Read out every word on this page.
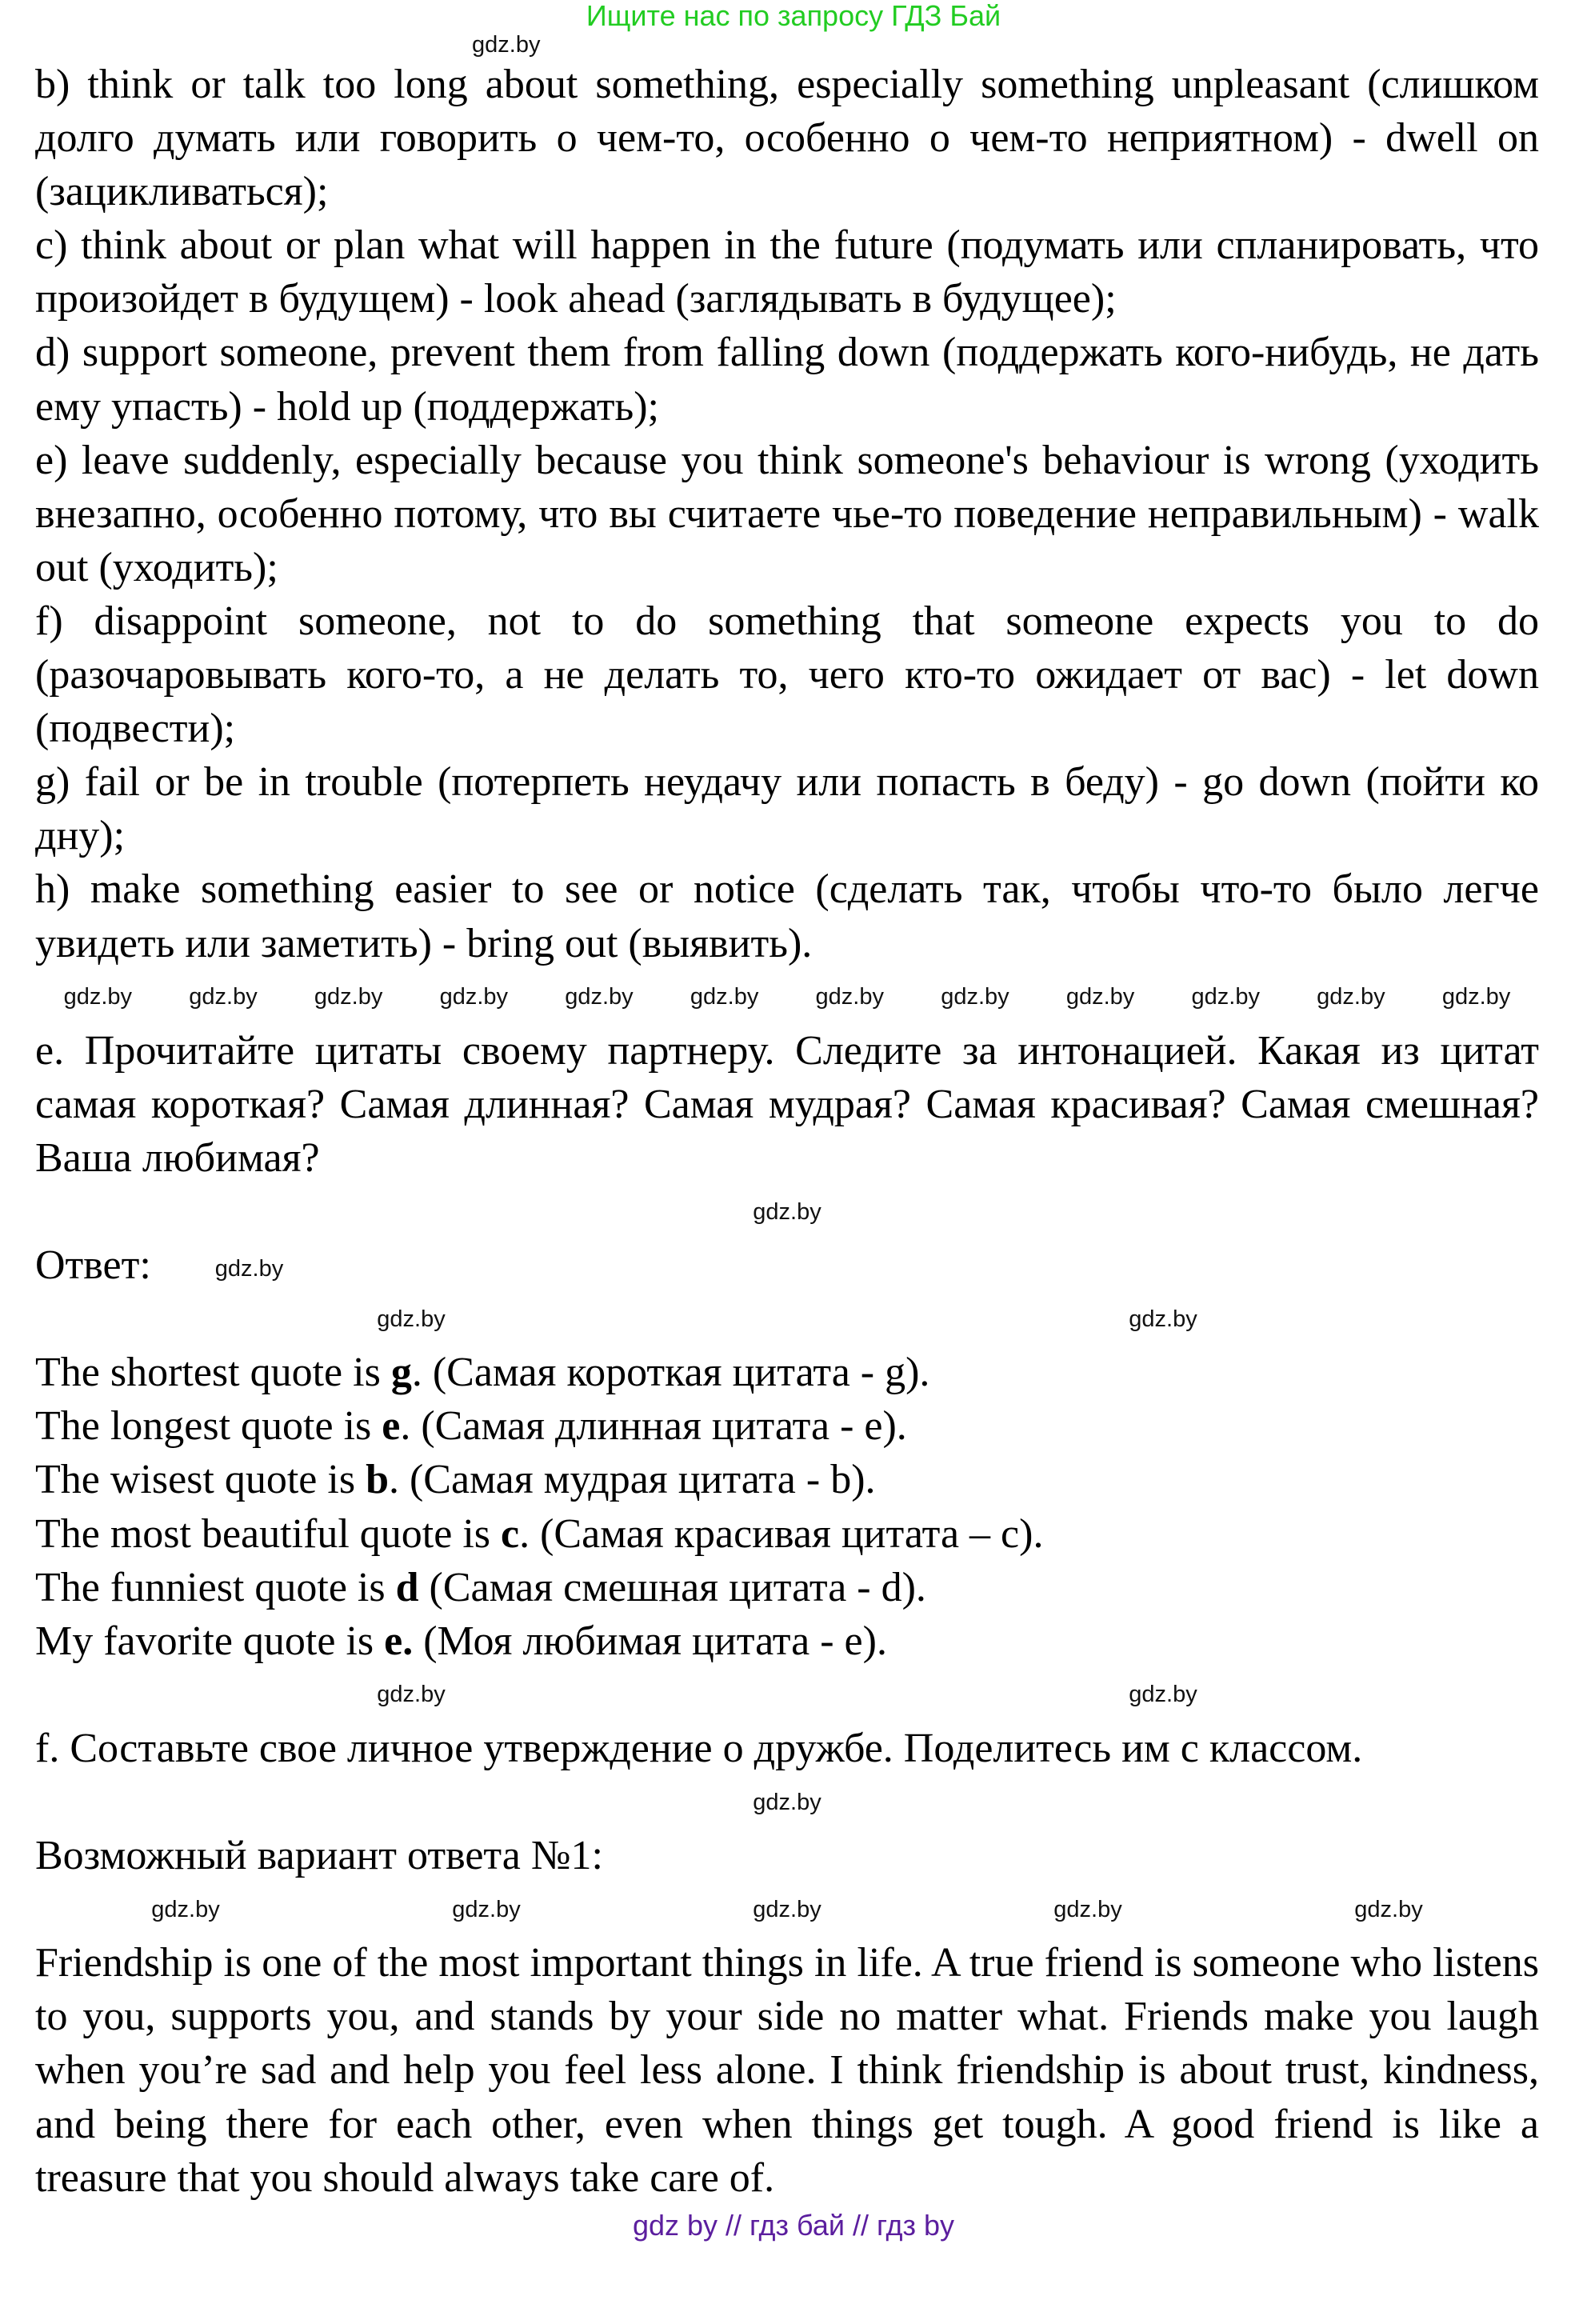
Ищите нас по запросу ГДЗ Бай
gdz.by

b) think or talk too long about something, especially something unpleasant (слишком долго думать или говорить о чем-то, особенно о чем-то неприятном) - dwell on (зацикливаться);

c) think about or plan what will happen in the future (подумать или спланировать, что произойдет в будущем) - look ahead (заглядывать в будущее);

d) support someone, prevent them from falling down (поддержать кого-нибудь, не дать ему упасть) - hold up (поддержать);

e) leave suddenly, especially because you think someone's behaviour is wrong (уходить внезапно, особенно потому, что вы считаете чье-то поведение неправильным) - walk out (уходить);

f) disappoint someone, not to do something that someone expects you to do (разочаровывать кого-то, а не делать то, чего кто-то ожидает от вас) - let down (подвести);

g) fail or be in trouble (потерпеть неудачу или попасть в беду) - go down (пойти ко дну);

h) make something easier to see or notice (сделать так, чтобы что-то было легче увидеть или заметить) - bring out (выявить).

gdz.by gdz.by gdz.by gdz.by gdz.by gdz.by gdz.by gdz.by gdz.by gdz.by gdz.by gdz.by

e. Прочитайте цитаты своему партнеру. Следите за интонацией. Какая из цитат самая короткая? Самая длинная? Самая мудрая? Самая красивая? Самая смешная? Ваша любимая?

gdz.by
Ответ:	gdz.by
gdz.by	gdz.by
The shortest quote is g. (Самая короткая цитата - g).
The longest quote is e. (Самая длинная цитата - e).
The wisest quote is b. (Самая мудрая цитата - b).
The most beautiful quote is c. (Самая красивая цитата – c).
The funniest quote is d (Самая смешная цитата - d).
My favorite quote is e. (Моя любимая цитата - e).
gdz.by	gdz.by

f. Составьте свое личное утверждение о дружбе. Поделитесь им с классом.

gdz.by

Возможный вариант ответа №1:

gdz.by	gdz.by	gdz.by	gdz.by	gdz.by

Friendship is one of the most important things in life. A true friend is someone who listens to you, supports you, and stands by your side no matter what. Friends make you laugh when you’re sad and help you feel less alone. I think friendship is about trust, kindness, and being there for each other, even when things get tough. A good friend is like a treasure that you should always take care of.

gdz by // гдз бай // гдз by
